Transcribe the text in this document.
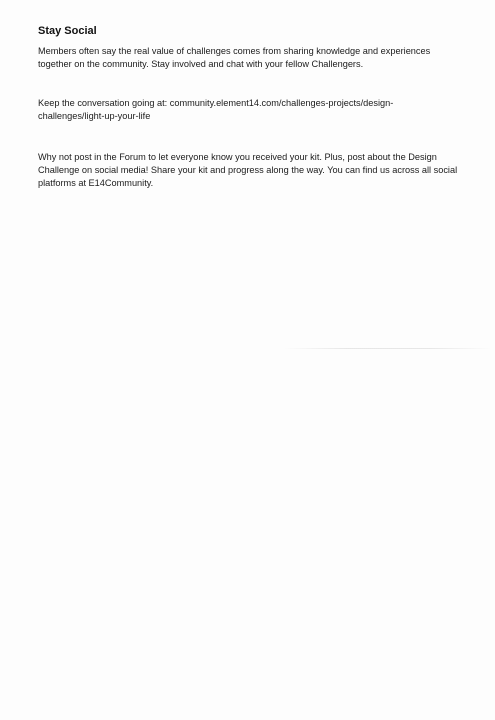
Stay Social

Members often say the real value of challenges comes from sharing knowledge and experiences together on the community. Stay involved and chat with your fellow Challengers.

Keep the conversation going at: community.element14.com/challenges-projects/design-challenges/light-up-your-life

Why not post in the Forum to let everyone know you received your kit. Plus, post about the Design Challenge on social media! Share your kit and progress along the way. You can find us across all social platforms at E14Community.
